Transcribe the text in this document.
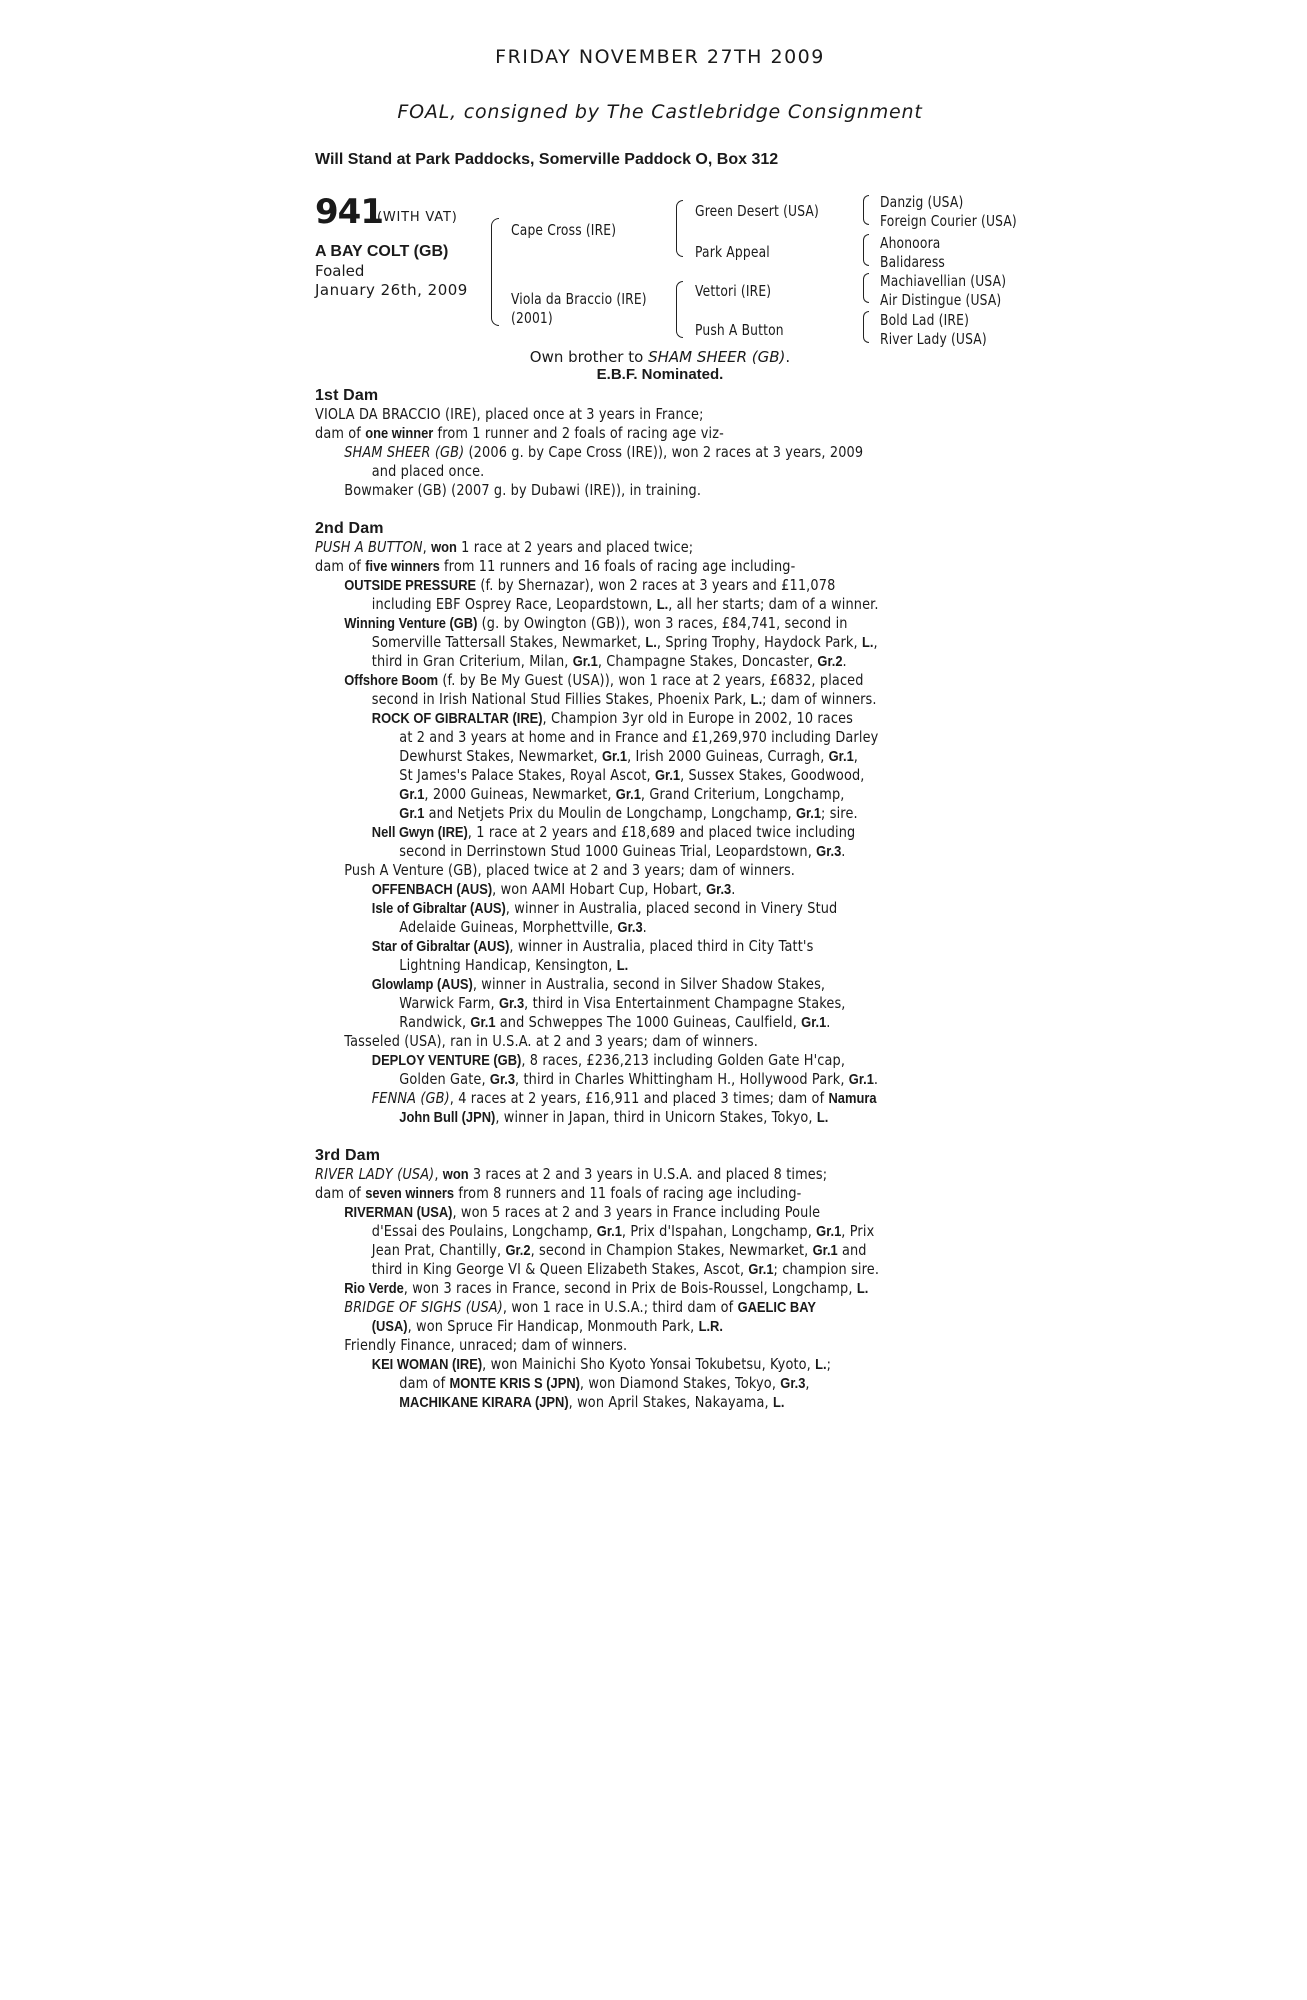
FRIDAY NOVEMBER 27TH 2009
FOAL, consigned by The Castlebridge Consignment
Will Stand at Park Paddocks, Somerville Paddock O, Box 312
941
(WITH VAT)
A BAY COLT (GB)
Foaled
January 26th, 2009
Cape Cross (IRE)
Viola da Braccio (IRE)
(2001)
Green Desert (USA)
Park Appeal
Vettori (IRE)
Push A Button
Danzig (USA)
Foreign Courier (USA)
Ahonoora
Balidaress
Machiavellian (USA)
Air Distingue (USA)
Bold Lad (IRE)
River Lady (USA)
Own brother to SHAM SHEER (GB).
E.B.F. Nominated.
1st Dam
VIOLA DA BRACCIO (IRE), placed once at 3 years in France;
dam of one winner from 1 runner and 2 foals of racing age viz-
SHAM SHEER (GB) (2006 g. by Cape Cross (IRE)), won 2 races at 3 years, 2009
and placed once.
Bowmaker (GB) (2007 g. by Dubawi (IRE)), in training.
2nd Dam
PUSH A BUTTON, won 1 race at 2 years and placed twice;
dam of five winners from 11 runners and 16 foals of racing age including-
OUTSIDE PRESSURE (f. by Shernazar), won 2 races at 3 years and £11,078
including EBF Osprey Race, Leopardstown, L., all her starts; dam of a winner.
Winning Venture (GB) (g. by Owington (GB)), won 3 races, £84,741, second in
Somerville Tattersall Stakes, Newmarket, L., Spring Trophy, Haydock Park, L.,
third in Gran Criterium, Milan, Gr.1, Champagne Stakes, Doncaster, Gr.2.
Offshore Boom (f. by Be My Guest (USA)), won 1 race at 2 years, £6832, placed
second in Irish National Stud Fillies Stakes, Phoenix Park, L.; dam of winners.
ROCK OF GIBRALTAR (IRE), Champion 3yr old in Europe in 2002, 10 races
at 2 and 3 years at home and in France and £1,269,970 including Darley
Dewhurst Stakes, Newmarket, Gr.1, Irish 2000 Guineas, Curragh, Gr.1,
St James's Palace Stakes, Royal Ascot, Gr.1, Sussex Stakes, Goodwood,
Gr.1, 2000 Guineas, Newmarket, Gr.1, Grand Criterium, Longchamp,
Gr.1 and Netjets Prix du Moulin de Longchamp, Longchamp, Gr.1; sire.
Nell Gwyn (IRE), 1 race at 2 years and £18,689 and placed twice including
second in Derrinstown Stud 1000 Guineas Trial, Leopardstown, Gr.3.
Push A Venture (GB), placed twice at 2 and 3 years; dam of winners.
OFFENBACH (AUS), won AAMI Hobart Cup, Hobart, Gr.3.
Isle of Gibraltar (AUS), winner in Australia, placed second in Vinery Stud
Adelaide Guineas, Morphettville, Gr.3.
Star of Gibraltar (AUS), winner in Australia, placed third in City Tatt's
Lightning Handicap, Kensington, L.
Glowlamp (AUS), winner in Australia, second in Silver Shadow Stakes,
Warwick Farm, Gr.3, third in Visa Entertainment Champagne Stakes,
Randwick, Gr.1 and Schweppes The 1000 Guineas, Caulfield, Gr.1.
Tasseled (USA), ran in U.S.A. at 2 and 3 years; dam of winners.
DEPLOY VENTURE (GB), 8 races, £236,213 including Golden Gate H'cap,
Golden Gate, Gr.3, third in Charles Whittingham H., Hollywood Park, Gr.1.
FENNA (GB), 4 races at 2 years, £16,911 and placed 3 times; dam of Namura
John Bull (JPN), winner in Japan, third in Unicorn Stakes, Tokyo, L.
3rd Dam
RIVER LADY (USA), won 3 races at 2 and 3 years in U.S.A. and placed 8 times;
dam of seven winners from 8 runners and 11 foals of racing age including-
RIVERMAN (USA), won 5 races at 2 and 3 years in France including Poule
d'Essai des Poulains, Longchamp, Gr.1, Prix d'Ispahan, Longchamp, Gr.1, Prix
Jean Prat, Chantilly, Gr.2, second in Champion Stakes, Newmarket, Gr.1 and
third in King George VI & Queen Elizabeth Stakes, Ascot, Gr.1; champion sire.
Rio Verde, won 3 races in France, second in Prix de Bois-Roussel, Longchamp, L.
BRIDGE OF SIGHS (USA), won 1 race in U.S.A.; third dam of GAELIC BAY
(USA), won Spruce Fir Handicap, Monmouth Park, L.R.
Friendly Finance, unraced; dam of winners.
KEI WOMAN (IRE), won Mainichi Sho Kyoto Yonsai Tokubetsu, Kyoto, L.;
dam of MONTE KRIS S (JPN), won Diamond Stakes, Tokyo, Gr.3,
MACHIKANE KIRARA (JPN), won April Stakes, Nakayama, L.
